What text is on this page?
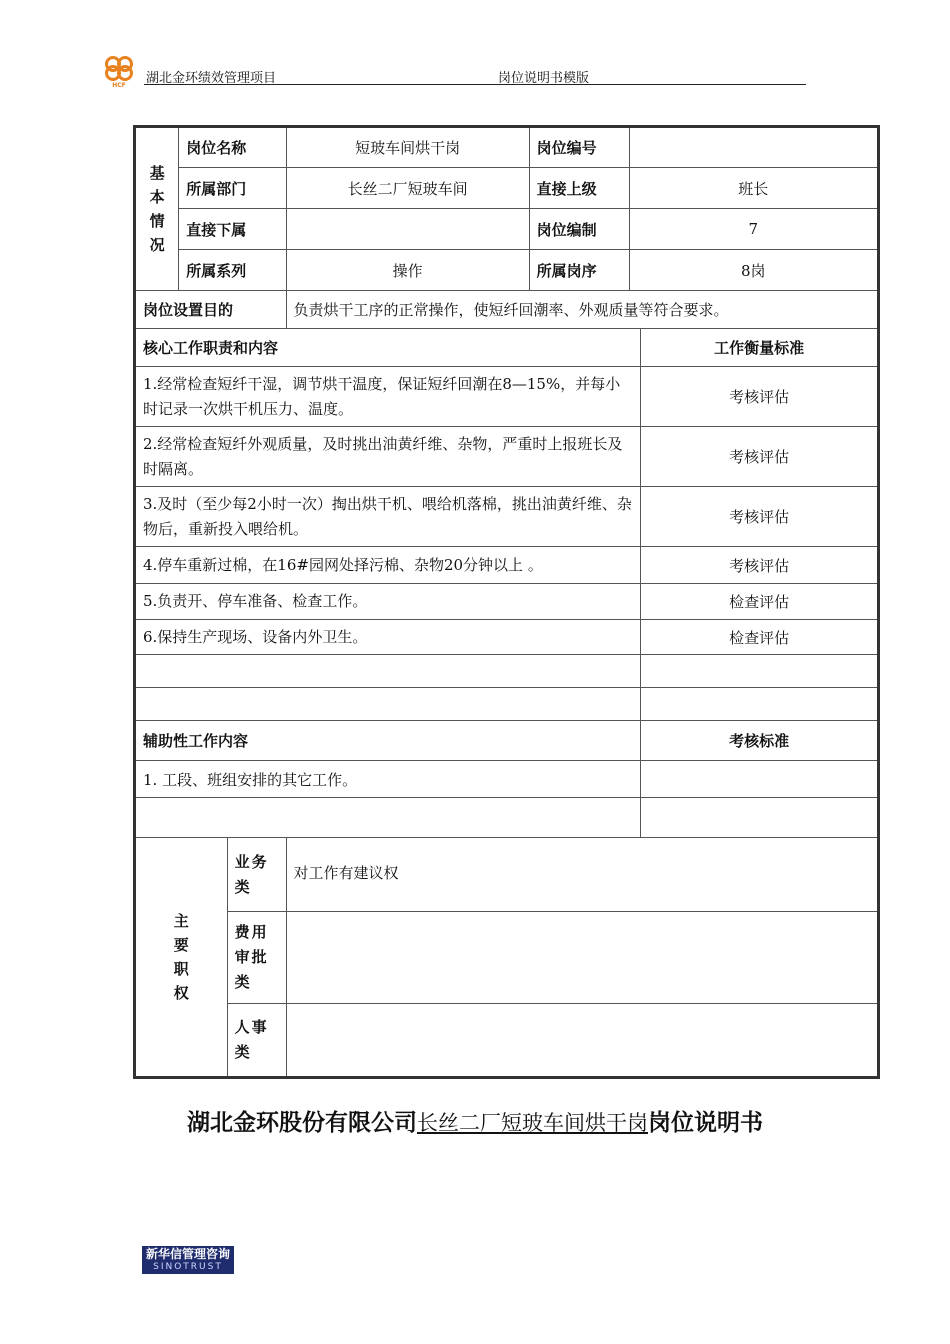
HCF 湖北金环绩效管理项目	岗位说明书模版
基
本
情
况	岗位名称		短玻车间烘干岗	岗位编号		
	所属部门		长丝二厂短玻车间	直接上级	班长	
	直接下属			岗位编制	7	
	所属系列		操作	所属岗序	8岗	
岗位设置目的			负责烘干工序的正常操作，使短纤回潮率、外观质量等符合要求。			
核心工作职责和内容						工作衡量标准
1.经常检查短纤干湿，调节烘干温度，保证短纤回潮在8—15%，并每小时记录一次烘干机压力、温度。						考核评估
2.经常检查短纤外观质量，及时挑出油黄纤维、杂物，严重时上报班长及时隔离。						考核评估
3.及时（至少每2小时一次）掏出烘干机、喂给机落棉，挑出油黄纤维、杂物后，重新投入喂给机。						考核评估
4.停车重新过棉，在16#园网处择污棉、杂物20分钟以上 。						考核评估
5.负责开、停车准备、检查工作。						检查评估
6.保持生产现场、设备内外卫生。						检查评估

辅助性工作内容						考核标准
1. 工段、班组安排的其它工作。						

主
要
职
权		业务类	对工作有建议权			
		费用审批类				
		人事类				
湖北金环股份有限公司长丝二厂短玻车间烘干岗岗位说明书
新华信管理咨询
SINOTRUST
